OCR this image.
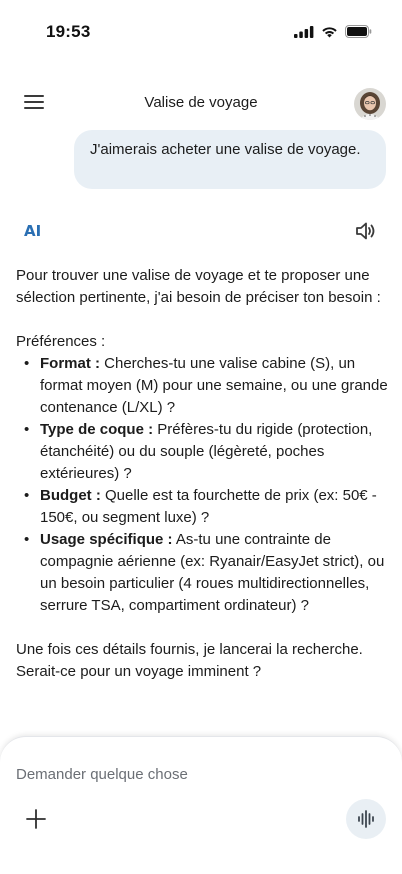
19:53
Valise de voyage
J'aimerais acheter une valise de voyage.
AI

Pour trouver une valise de voyage et te proposer une sélection pertinente, j'ai besoin de préciser ton besoin :

Préférences :

• Format : Cherches-tu une valise cabine (S), un format moyen (M) pour une semaine, ou une grande contenance (L/XL) ?
• Type de coque : Préfères-tu du rigide (protection, étanchéité) ou du souple (légèreté, poches extérieures) ?
• Budget : Quelle est ta fourchette de prix (ex: 50€ - 150€, ou segment luxe) ?
• Usage spécifique : As-tu une contrainte de compagnie aérienne (ex: Ryanair/EasyJet strict), ou un besoin particulier (4 roues multidirectionnelles, serrure TSA, compartiment ordinateur) ?

Une fois ces détails fournis, je lancerai la recherche. Serait-ce pour un voyage imminent ?

Demander quelque chose
